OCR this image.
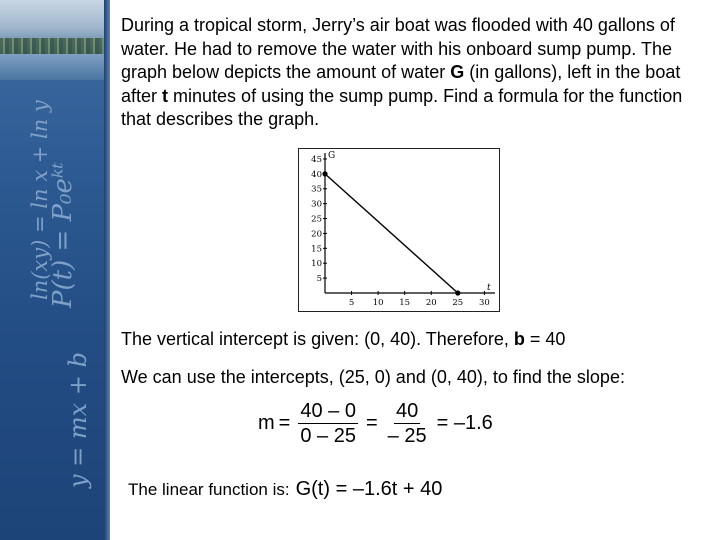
ln(xy) = ln x + ln y
P(t) = P₀eᵏᵗ
y = mx + b

During a tropical storm, Jerry’s air boat was flooded with 40 gallons of water. He had to remove the water with his onboard sump pump. The graph below depicts the amount of water G (in gallons), left in the boat after t minutes of using the sump pump. Find a formula for the function that describes the graph.

G
t
5
10
15
20
25
30
35
40
45
5 10 15 20 25 30
The vertical intercept is given: (0, 40). Therefore, b = 40
We can use the intercepts, (25, 0) and (0, 40), to find the slope:
$m = \frac{40 - 0}{0 - 25} = \frac{40}{- 25} = -1.6$
The linear function is: G(t) = –1.6t + 40
